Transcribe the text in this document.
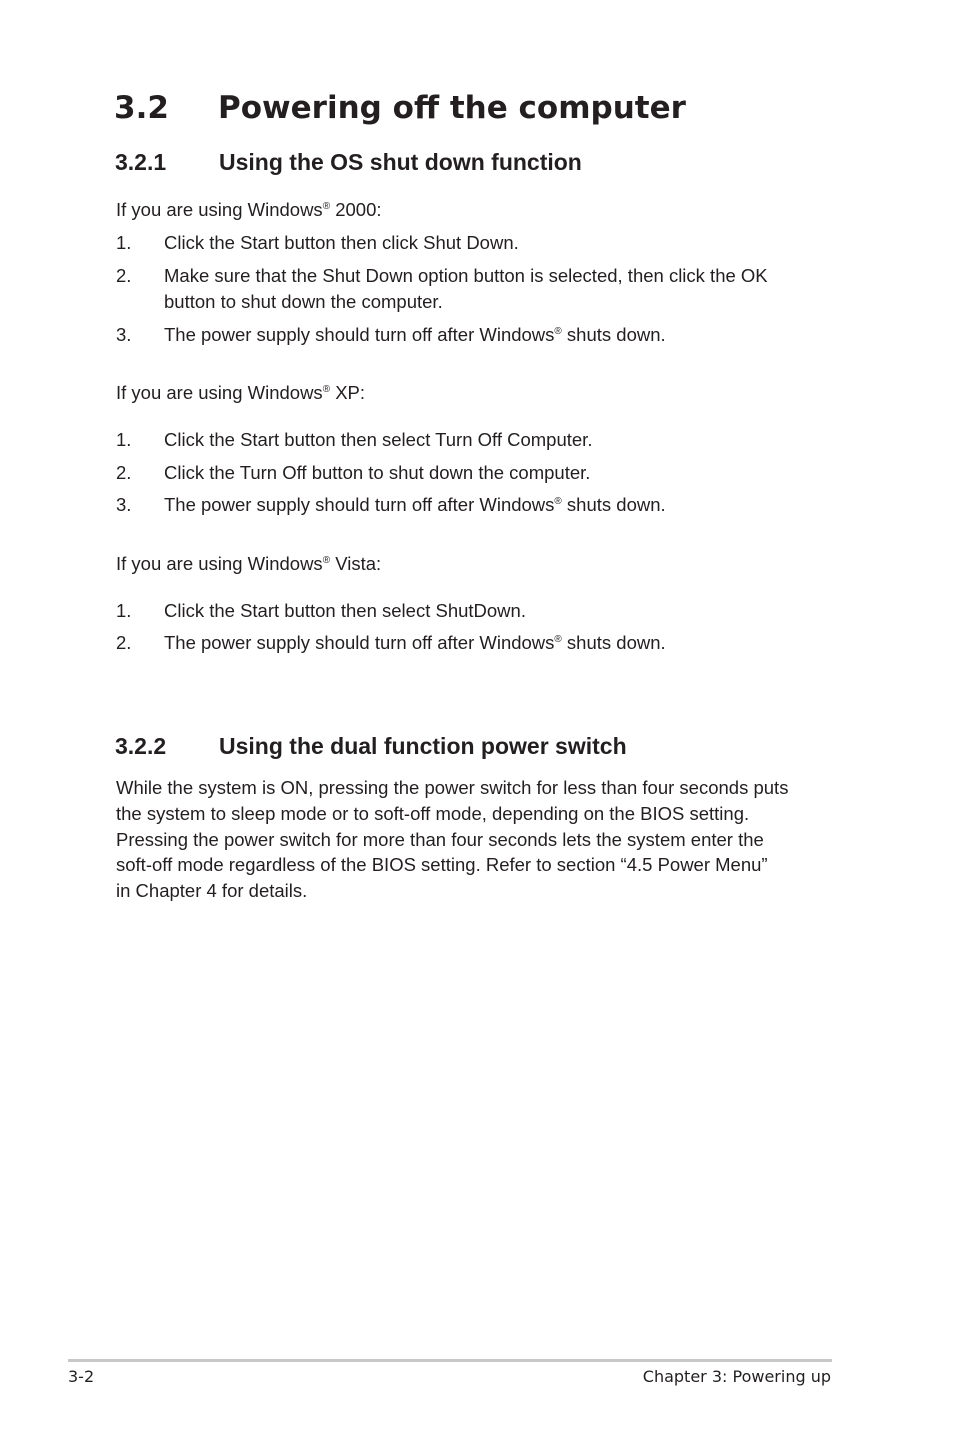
3.2 Powering off the computer
3.2.1 Using the OS shut down function
If you are using Windows® 2000:
1.	Click the Start button then click Shut Down.
2.	Make sure that the Shut Down option button is selected, then click the OK
button to shut down the computer.
3.	The power supply should turn off after Windows® shuts down.
If you are using Windows® XP:
1.	Click the Start button then select Turn Off Computer.
2.	Click the Turn Off button to shut down the computer.
3.	The power supply should turn off after Windows® shuts down.
If you are using Windows® Vista:
1.	Click the Start button then select ShutDown.
2.	The power supply should turn off after Windows® shuts down.
3.2.2 Using the dual function power switch
While the system is ON, pressing the power switch for less than four seconds puts
the system to sleep mode or to soft-off mode, depending on the BIOS setting.
Pressing the power switch for more than four seconds lets the system enter the
soft-off mode regardless of the BIOS setting. Refer to section “4.5 Power Menu”
in Chapter 4 for details.
3-2	Chapter 3: Powering up
